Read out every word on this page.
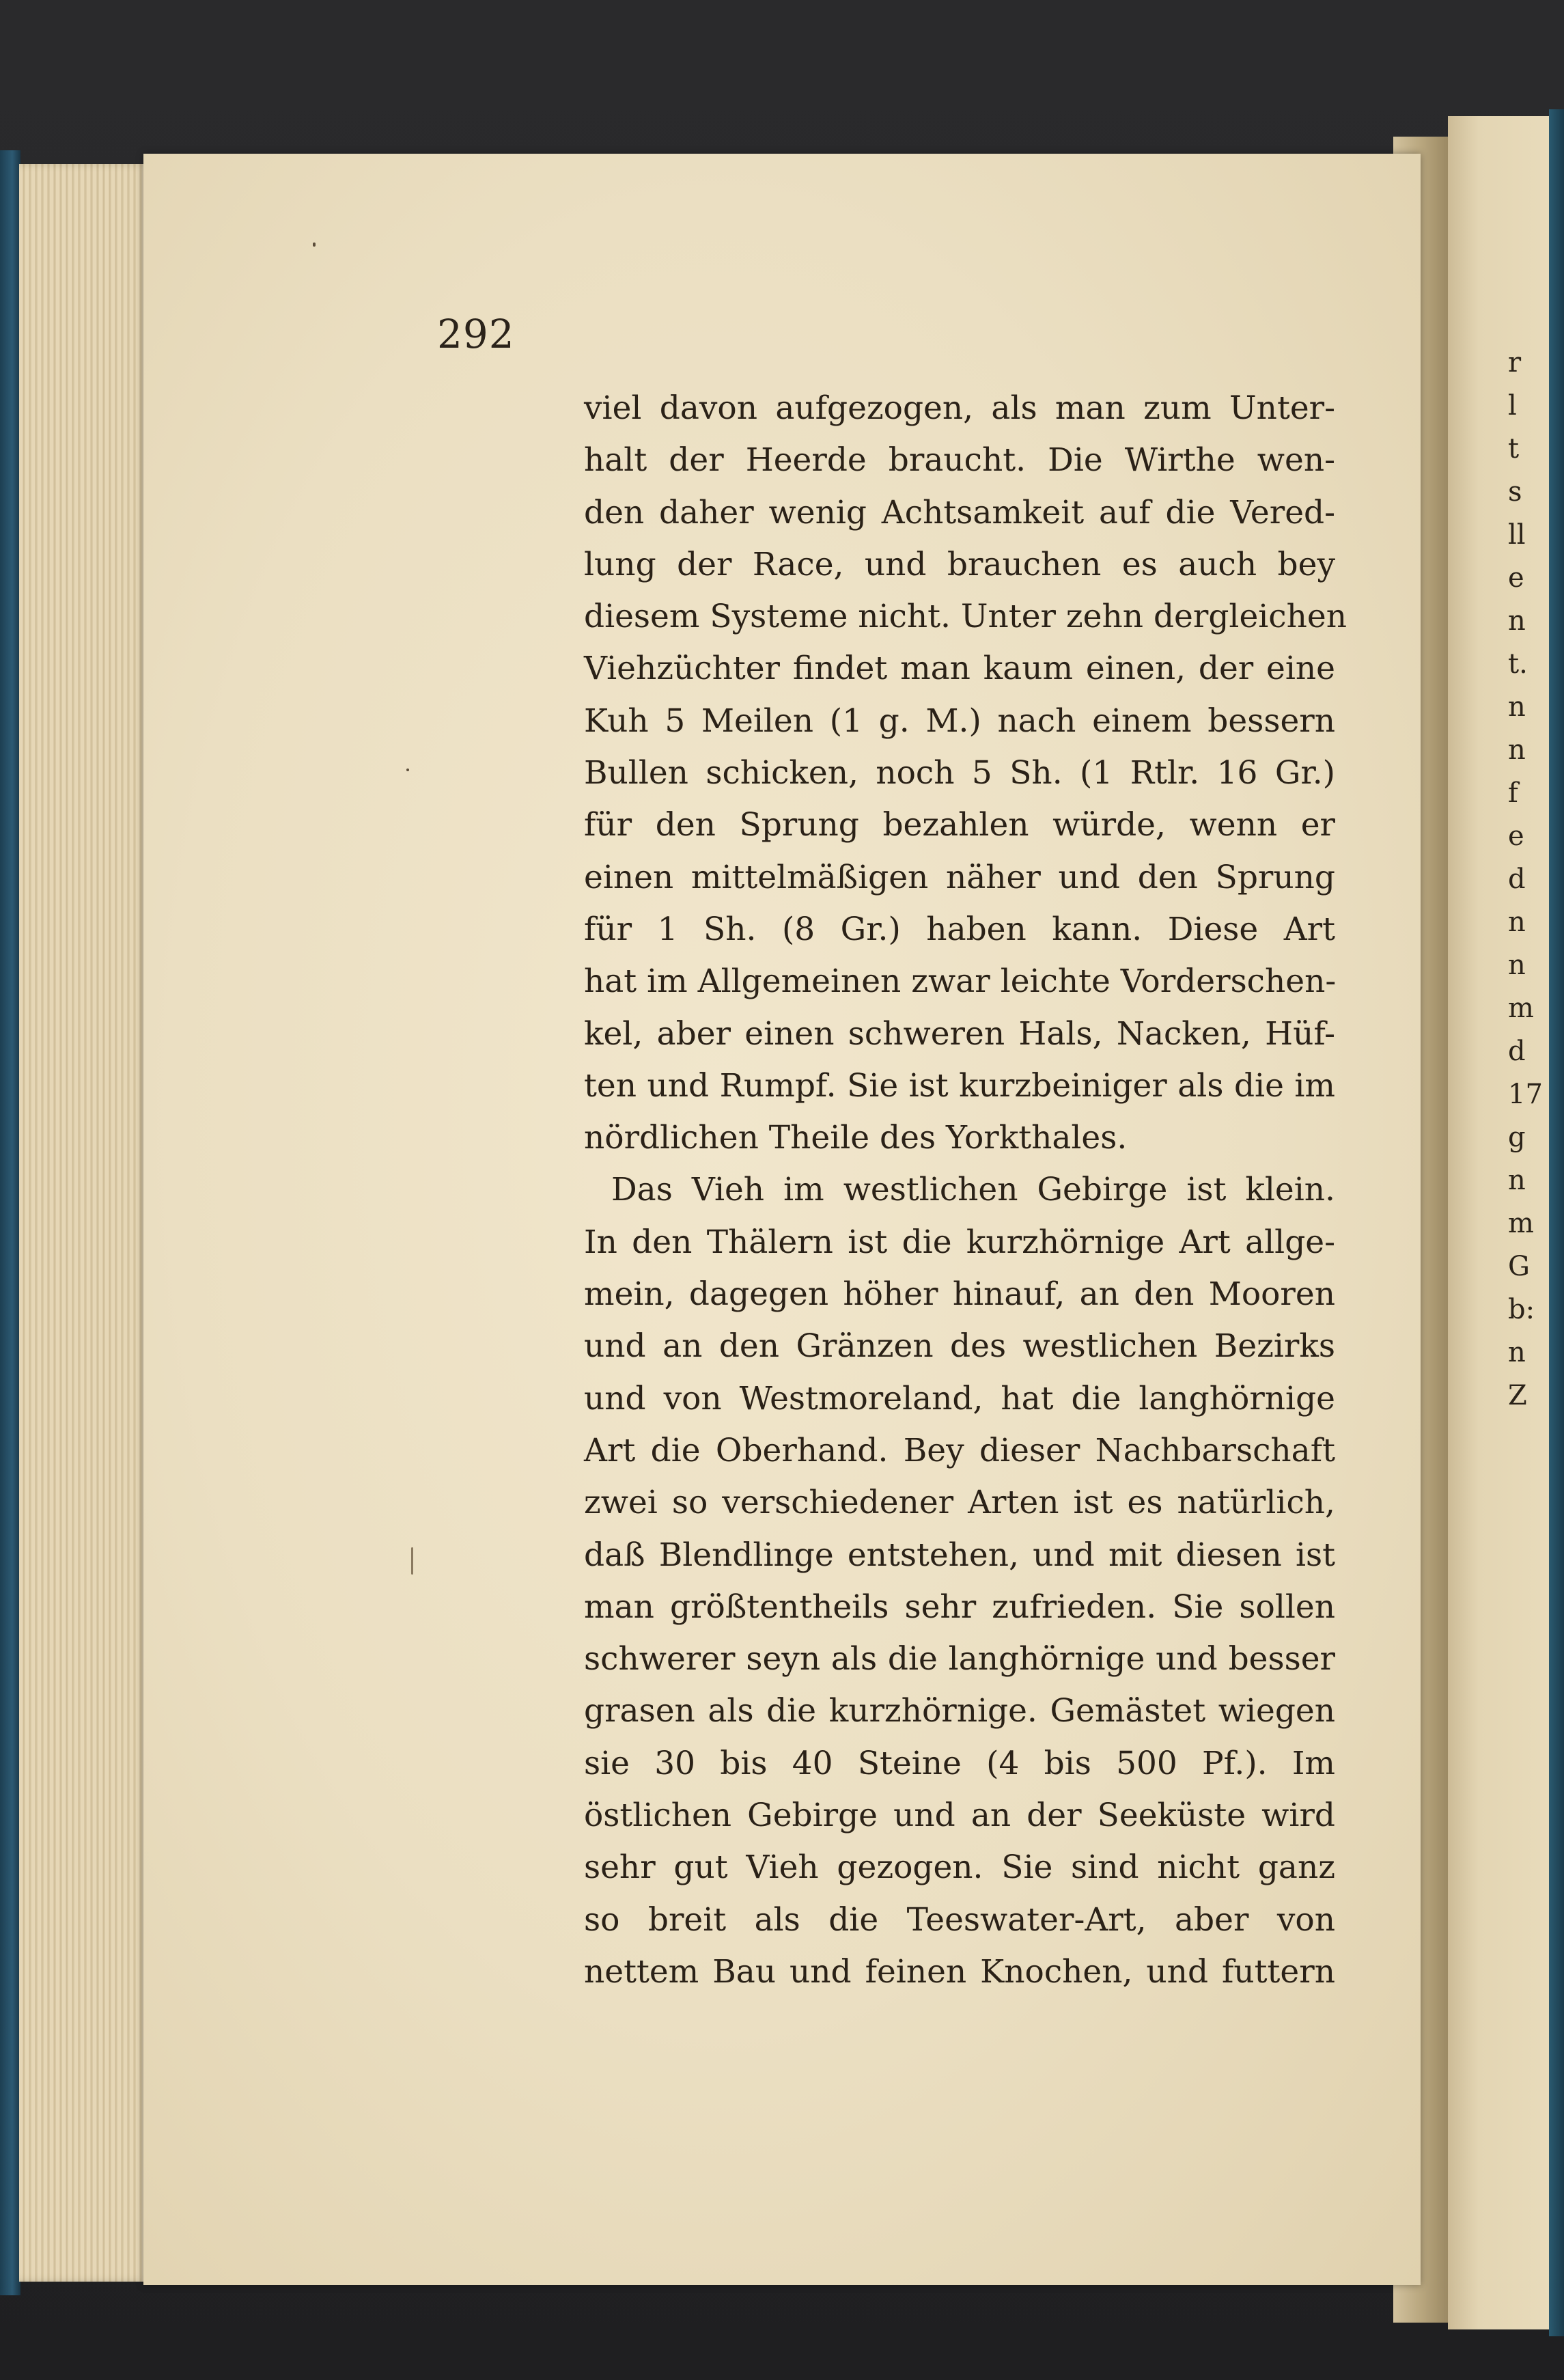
292
viel davon aufgezogen, als man zum Unter-
halt der Heerde braucht. Die Wirthe wen-
den daher wenig Achtsamkeit auf die Vered-
lung der Race, und brauchen es auch bey
diesem Systeme nicht. Unter zehn dergleichen
Viehzüchter findet man kaum einen, der eine
Kuh 5 Meilen (1 g. M.) nach einem bessern
Bullen schicken, noch 5 Sh. (1 Rtlr. 16 Gr.)
für den Sprung bezahlen würde, wenn er
einen mittelmäßigen näher und den Sprung
für 1 Sh. (8 Gr.) haben kann. Diese Art
hat im Allgemeinen zwar leichte Vorderschen-
kel, aber einen schweren Hals, Nacken, Hüf-
ten und Rumpf. Sie ist kurzbeiniger als die im
nördlichen Theile des Yorkthales.
Das Vieh im westlichen Gebirge ist klein.
In den Thälern ist die kurzhörnige Art allge-
mein, dagegen höher hinauf, an den Mooren
und an den Gränzen des westlichen Bezirks
und von Westmoreland, hat die langhörnige
Art die Oberhand. Bey dieser Nachbarschaft
zwei so verschiedener Arten ist es natürlich,
daß Blendlinge entstehen, und mit diesen ist
man größtentheils sehr zufrieden. Sie sollen
schwerer seyn als die langhörnige und besser
grasen als die kurzhörnige. Gemästet wiegen
sie 30 bis 40 Steine (4 bis 500 Pf.). Im
östlichen Gebirge und an der Seeküste wird
sehr gut Vieh gezogen. Sie sind nicht ganz
so breit als die Teeswater-Art, aber von
nettem Bau und feinen Knochen, und futtern
r
l
t
s
ll
e
n
t.
n
n
f
e
d
n
n
m
d
17
g
n
m
G
b:
n
Z
